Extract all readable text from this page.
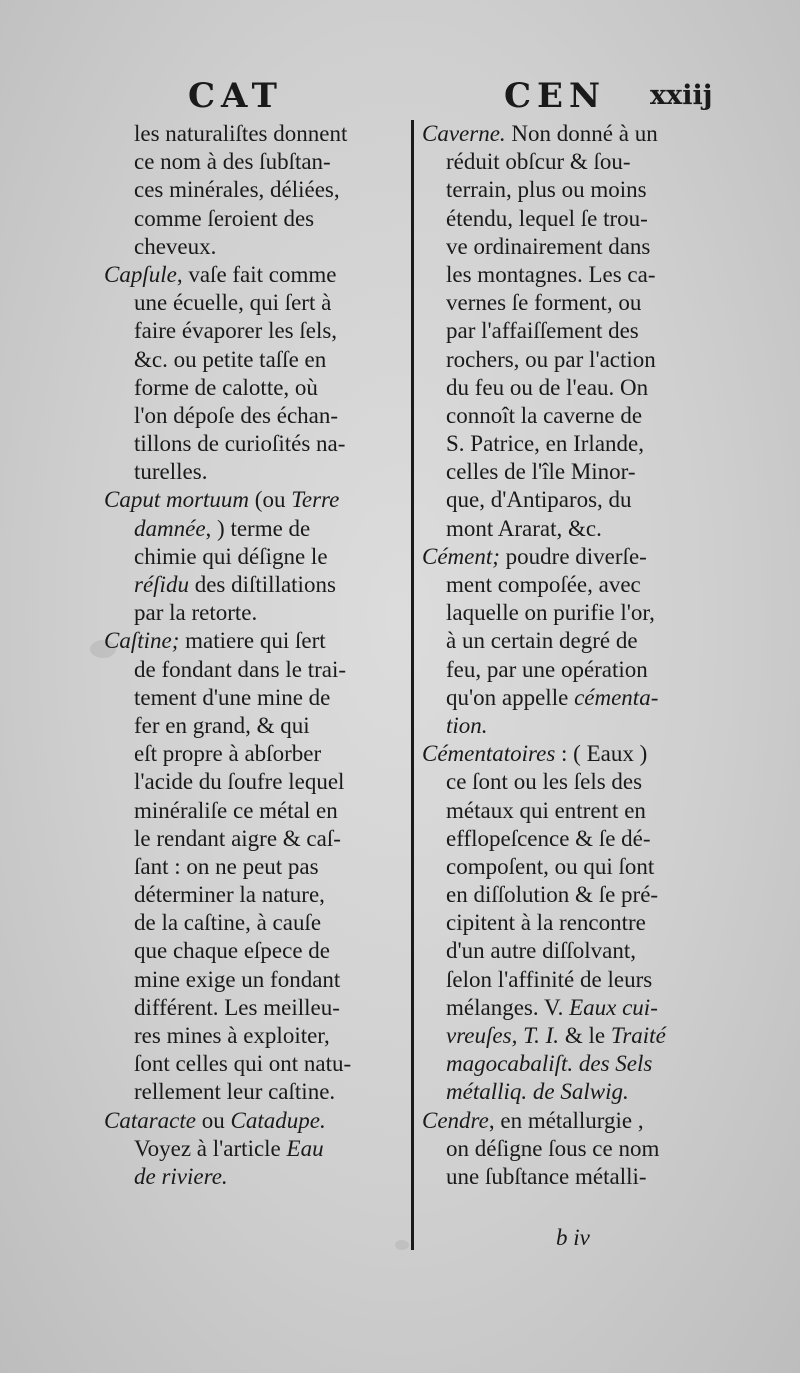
CAT	CEN xxiij
les naturaliſtes donnent
ce nom à des ſubſtan-
ces minérales, déliées,
comme ſeroient des
cheveux.
Capſule, vaſe fait comme
une écuelle, qui ſert à
faire évaporer les ſels,
&c. ou petite taſſe en
forme de calotte, où
l'on dépoſe des échan-
tillons de curioſités na-
turelles.
Caput mortuum (ou Terre
damnée, ) terme de
chimie qui déſigne le
réſidu des diſtillations
par la retorte.
Caſtine; matiere qui ſert
de fondant dans le trai-
tement d'une mine de
fer en grand, & qui
eſt propre à abſorber
l'acide du ſoufre lequel
minéraliſe ce métal en
le rendant aigre & caſ-
ſant : on ne peut pas
déterminer la nature,
de la caſtine, à cauſe
que chaque eſpece de
mine exige un fondant
différent. Les meilleu-
res mines à exploiter,
ſont celles qui ont natu-
rellement leur caſtine.
Cataracte ou Catadupe.
Voyez à l'article Eau
de riviere.
Caverne. Non donné à un
réduit obſcur & ſou-
terrain, plus ou moins
étendu, lequel ſe trou-
ve ordinairement dans
les montagnes. Les ca-
vernes ſe forment, ou
par l'affaiſſement des
rochers, ou par l'action
du feu ou de l'eau. On
connoît la caverne de
S. Patrice, en Irlande,
celles de l'île Minor-
que, d'Antiparos, du
mont Ararat, &c.
Cément; poudre diverſe-
ment compoſée, avec
laquelle on purifie l'or,
à un certain degré de
feu, par une opération
qu'on appelle cémenta-
tion.
Cémentatoires : ( Eaux )
ce ſont ou les ſels des
métaux qui entrent en
efflореſcence & ſe dé-
compoſent, ou qui ſont
en diſſolution & ſe pré-
cipitent à la rencontre
d'un autre diſſolvant,
ſelon l'affinité de leurs
mélanges. V. Eaux cui-
vreuſes, T. I. & le Traité
magocabaliſt. des Sels
métalliq. de Salwig.
Cendre, en métallurgie ,
on déſigne ſous ce nom
une ſubſtance métalli-
b iv
